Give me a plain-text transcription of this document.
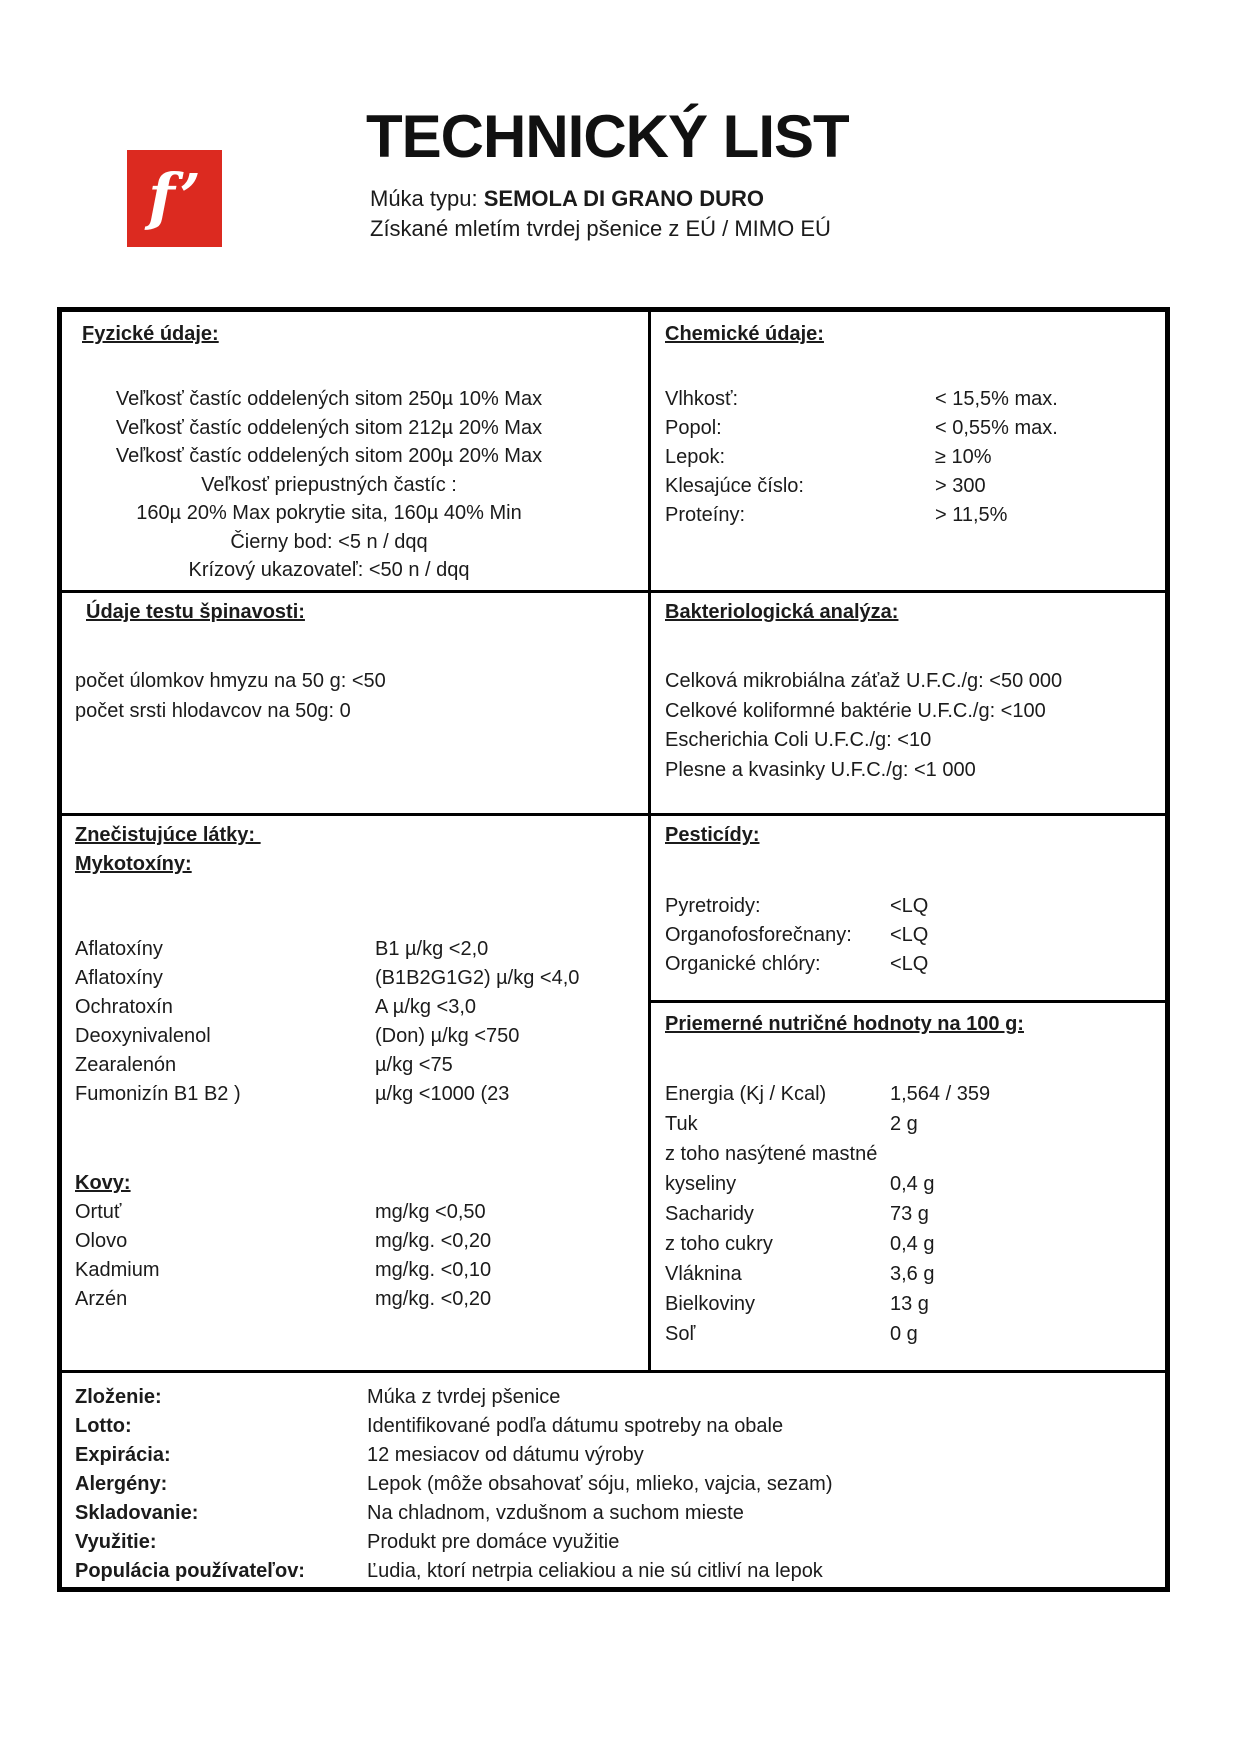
f’
TECHNICKÝ LIST

Múka typu: SEMOLA DI GRANO DURO

Získané mletím tvrdej pšenice z EÚ / MIMO EÚ

Fyzické údaje:
Veľkosť častíc oddelených sitom 250µ 10% Max
Veľkosť častíc oddelených sitom 212µ 20% Max
Veľkosť častíc oddelených sitom 200µ 20% Max
Veľkosť priepustných častíc :
160µ 20% Max pokrytie sita, 160µ 40% Min
Čierny bod: <5 n / dqq
Krízový ukazovateľ: <50 n / dqq
Chemické údaje:
Vlhkosť:	< 15,5% max.
Popol:	< 0,55% max.
Lepok:	≥ 10%
Klesajúce číslo:	> 300
Proteíny:	> 11,5%
Údaje testu špinavosti:
počet úlomkov hmyzu na 50 g: <50
počet srsti hlodavcov na 50g: 0
Bakteriologická analýza:
Celková mikrobiálna záťaž U.F.C./g: <50 000
Celkové koliformné baktérie U.F.C./g: <100
Escherichia Coli U.F.C./g: <10
Plesne a kvasinky U.F.C./g: <1 000
Znečistujúce látky:
Mykotoxíny:
Aflatoxíny	B1 µ/kg <2,0
Aflatoxíny	(B1B2G1G2) µ/kg <4,0
Ochratoxín	A µ/kg <3,0
Deoxynivalenol	(Don) µ/kg <750
Zearalenón	µ/kg <75
Fumonizín B1 B2 )	µ/kg <1000 (23
Kovy:
Ortuť	mg/kg <0,50
Olovo	mg/kg. <0,20
Kadmium	mg/kg. <0,10
Arzén	mg/kg. <0,20
Pesticídy:
Pyretroidy:	<LQ
Organofosforečnany:	<LQ
Organické chlóry:	<LQ
Priemerné nutričné hodnoty na 100 g:
Energia (Kj / Kcal)	1,564 / 359
Tuk	2 g
z toho nasýtené mastné
kyseliny	0,4 g
Sacharidy	73 g
z toho cukry	0,4 g
Vláknina	3,6 g
Bielkoviny	13 g
Soľ	0 g
Zloženie:	Múka z tvrdej pšenice
Lotto:	Identifikované podľa dátumu spotreby na obale
Expirácia:	12 mesiacov od dátumu výroby
Alergény:	Lepok (môže obsahovať sóju, mlieko, vajcia, sezam)
Skladovanie:	Na chladnom, vzdušnom a suchom mieste
Využitie:	Produkt pre domáce využitie
Populácia používateľov:	Ľudia, ktorí netrpia celiakiou a nie sú citliví na lepok
